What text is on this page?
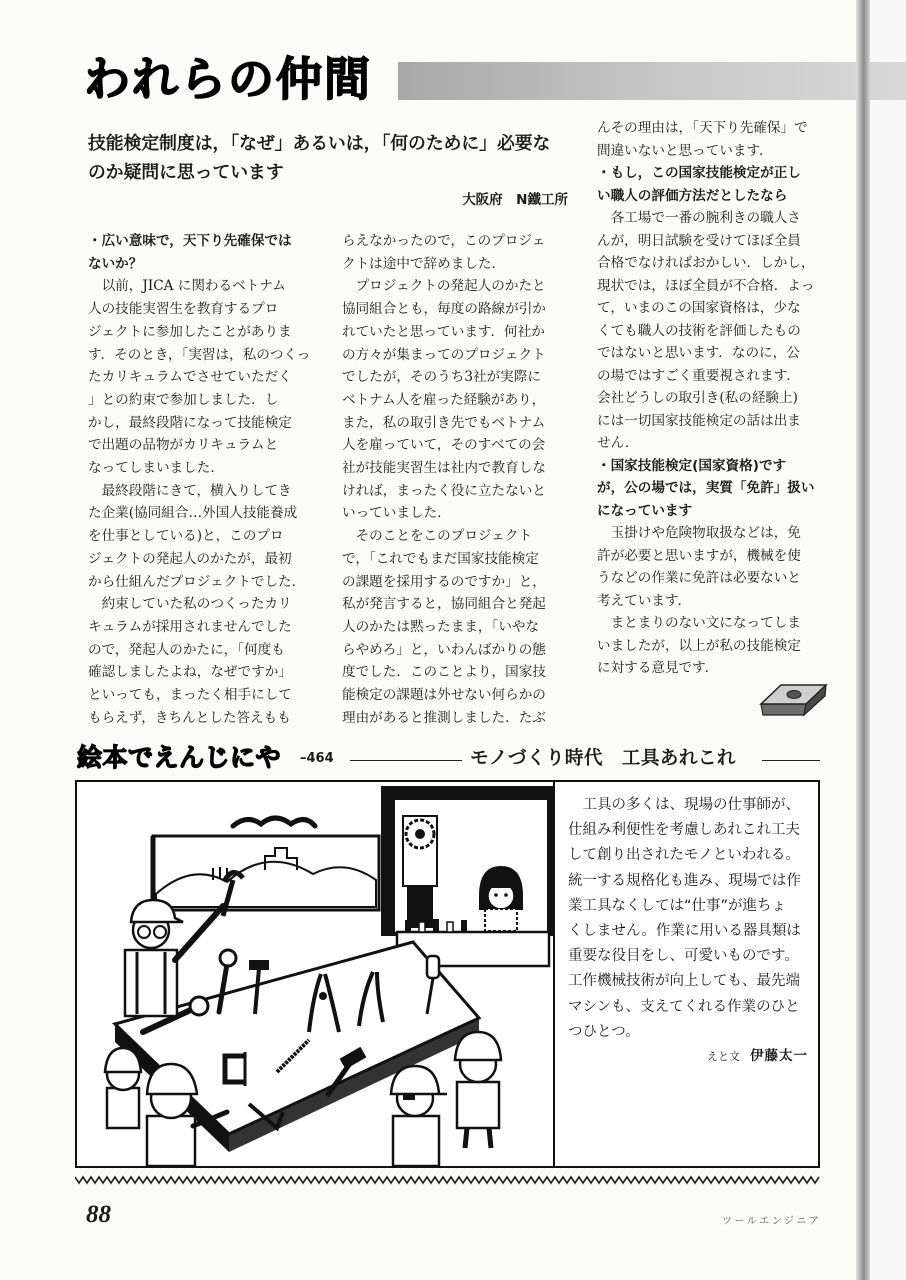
われらの仲間
技能検定制度は，「なぜ」あるいは，「何のために」必要な
のか疑問に思っています
大阪府　N鐵工所
・広い意味で，天下り先確保では
ないか？
以前，JICA に関わるベトナム
人の技能実習生を教育するプロ
ジェクトに参加したことがありま
す．そのとき，「実習は，私のつくっ
たカリキュラムでさせていただく
」との約束で参加しました．し
かし，最終段階になって技能検定
で出題の品物がカリキュラムと
なってしまいました．
最終段階にきて，横入りしてき
た企業(協同組合…外国人技能養成
を仕事としている)と，このプロ
ジェクトの発起人のかたが，最初
から仕組んだプロジェクトでした．
約束していた私のつくったカリ
キュラムが採用されませんでした
ので，発起人のかたに，「何度も
確認しましたよね，なぜですか」
といっても，まったく相手にして
もらえず，きちんとした答えもも
らえなかったので，このプロジェ
クトは途中で辞めました．
プロジェクトの発起人のかたと
協同組合とも，毎度の路線が引か
れていたと思っています．何社か
の方々が集まってのプロジェクト
でしたが，そのうち3社が実際に
ベトナム人を雇った経験があり，
また，私の取引き先でもベトナム
人を雇っていて，そのすべての会
社が技能実習生は社内で教育しな
ければ，まったく役に立たないと
いっていました．
そのことをこのプロジェクト
で，「これでもまだ国家技能検定
の課題を採用するのですか」と，
私が発言すると，協同組合と発起
人のかたは黙ったまま，「いやな
らやめろ」と，いわんばかりの態
度でした．このことより，国家技
能検定の課題は外せない何らかの
理由があると推測しました．たぶ
んその理由は，「天下り先確保」で
間違いないと思っています．
・もし，この国家技能検定が正し
い職人の評価方法だとしたなら
各工場で一番の腕利きの職人さ
んが，明日試験を受けてほぼ全員
合格でなければおかしい．しかし，
現状では，ほぼ全員が不合格．よっ
て，いまのこの国家資格は，少な
くても職人の技術を評価したもの
ではないと思います．なのに，公
の場ではすごく重要視されます．
会社どうしの取引き(私の経験上)
には一切国家技能検定の話は出ま
せん．
・国家技能検定(国家資格)です
が，公の場では，実質「免許」扱い
になっています
玉掛けや危険物取扱などは，免
許が必要と思いますが，機械を使
うなどの作業に免許は必要ないと
考えています．
まとまりのない文になってしま
いましたが，以上が私の技能検定
に対する意見です．
絵本でえんじにや –464	モノづくり時代　工具あれこれ
工具の多くは、現場の仕事師が、
仕組み利便性を考慮しあれこれ工夫
して創り出されたモノといわれる。
統一する規格化も進み、現場では作
業工具なくしては“仕事”が進ちょ
くしません。作業に用いる器具類は
重要な役目をし、可愛いものです。
工作機械技術が向上しても、最先端
マシンも、支えてくれる作業のひと
つひとつ。
えと文 伊藤太一
88	ツールエンジニア
